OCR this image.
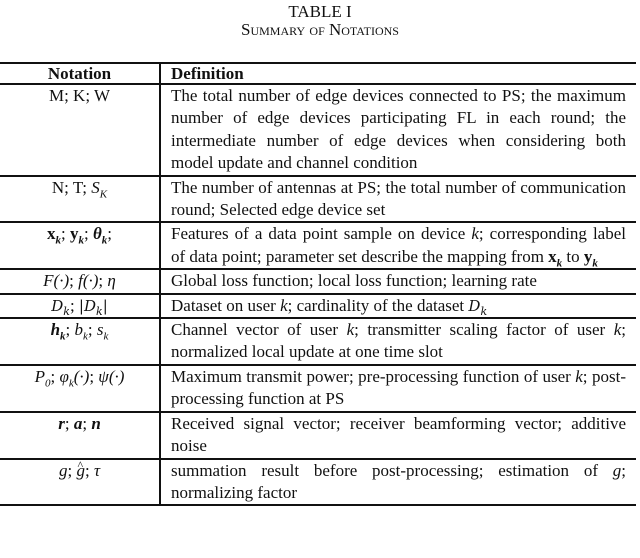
TABLE I
Summary of Notations
Notation	Definition
M; K; W	The total number of edge devices connected to PS; the maximum number of edge devices participating FL in each round; the intermediate number of edge devices when considering both model update and channel condition
N; T; $S_K$	The number of antennas at PS; the total number of communication round; Selected edge device set
$x_k$; $y_k$; $\theta_k$;	Features of a data point sample on device k; corresponding label of data point; parameter set describe the mapping from $x_k$ to $y_k$
F(·); f(·); η	Global loss function; local loss function; learning rate
$D_k$; $|D_k|$	Dataset on user k; cardinality of the dataset $D_k$
$h_k$; $b_k$; $s_k$	Channel vector of user k; transmitter scaling factor of user k; normalized local update at one time slot
$P_0$; $\varphi_k(\cdot)$; ψ(·)	Maximum transmit power; pre-processing function of user k; post-processing function at PS
r; a; n	Received signal vector; receiver beamforming vector; additive noise
g; ^ g; τ	summation result before post-processing; estimation of g; normalizing factor
